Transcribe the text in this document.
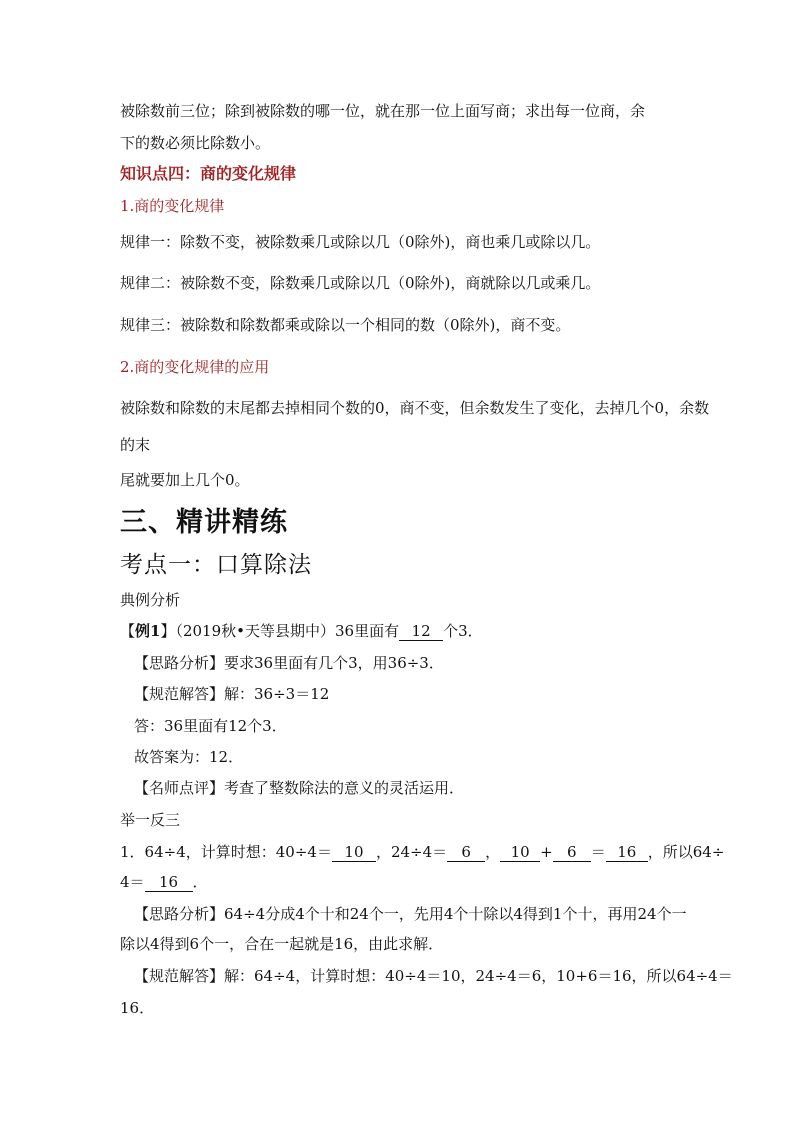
被除数前三位；除到被除数的哪一位，就在那一位上面写商；求出每一位商，余
下的数必须比除数小。
知识点四：商的变化规律
1.商的变化规律
规律一：除数不变，被除数乘几或除以几（0除外)，商也乘几或除以几。
规律二：被除数不变，除数乘几或除以几（0除外)，商就除以几或乘几。
规律三：被除数和除数都乘或除以一个相同的数（0除外)，商不变。
2.商的变化规律的应用
被除数和除数的末尾都去掉相同个数的0，商不变，但余数发生了变化，去掉几个0，余数
的末
尾就要加上几个0。
三、精讲精练
考点一：口算除法
典例分析
【例1】（2019秋•天等县期中）36里面有 12 个3．
【思路分析】要求36里面有几个3，用36÷3．
【规范解答】解：36÷3＝12
答：36里面有12个3．
故答案为：12．
【名师点评】考查了整数除法的意义的灵活运用．
举一反三
1．64÷4，计算时想：40÷4＝ 10 ，24÷4＝ 6 ， 10 + 6 ＝ 16 ，所以64÷
4＝ 16 ．
【思路分析】64÷4分成4个十和24个一，先用4个十除以4得到1个十，再用24个一
除以4得到6个一，合在一起就是16，由此求解．
【规范解答】解：64÷4，计算时想：40÷4＝10，24÷4＝6，10+6＝16，所以64÷4＝
16．
